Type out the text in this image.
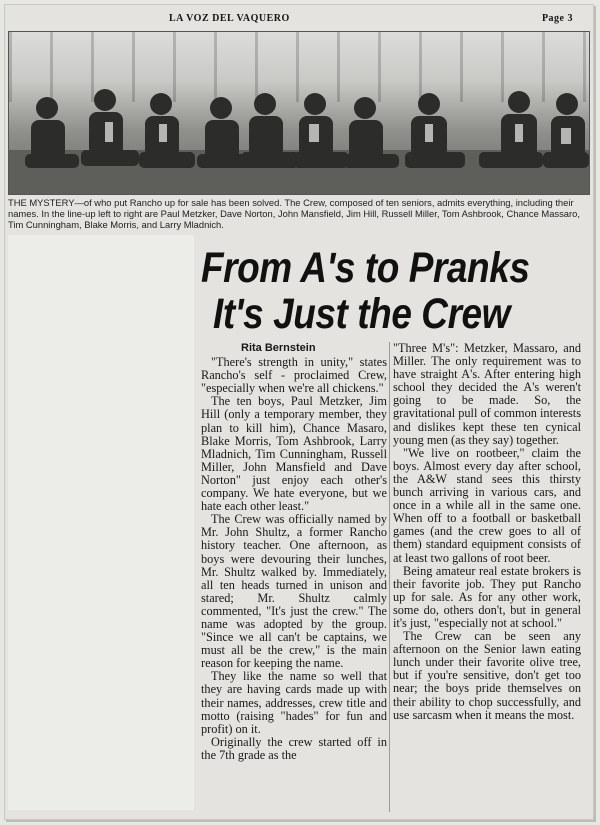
LA VOZ DEL VAQUERO	Page 3
THE MYSTERY—of who put Rancho up for sale has been solved. The Crew, composed of ten seniors, admits everything, including their names. In the line-up left to right are Paul Metzker, Dave Norton, John Mansfield, Jim Hill, Russell Miller, Tom Ashbrook, Chance Massaro, Tim Cunningham, Blake Morris, and Larry Mladnich.
From A's to Pranks
It's Just the Crew

Rita Bernstein

"There's strength in unity," states Rancho's self - proclaimed Crew, "especially when we're all chickens."

The ten boys, Paul Metzker, Jim Hill (only a temporary member, they plan to kill him), Chance Masaro, Blake Morris, Tom Ashbrook, Larry Mladnich, Tim Cunningham, Russell Miller, John Mansfield and Dave Norton" just enjoy each other's company. We hate everyone, but we hate each other least."

The Crew was officially named by Mr. John Shultz, a former Rancho history teacher. One afternoon, as boys were devouring their lunches, Mr. Shultz walked by. Immediately, all ten heads turned in unison and stared; Mr. Shultz calmly commented, "It's just the crew." The name was adopted by the group. "Since we all can't be captains, we must all be the crew," is the main reason for keeping the name.

They like the name so well that they are having cards made up with their names, addresses, crew title and motto (raising "hades" for fun and profit) on it.

Originally the crew started off in the 7th grade as the

"Three M's": Metzker, Massaro, and Miller. The only requirement was to have straight A's. After entering high school they decided the A's weren't going to be made. So, the gravitational pull of common interests and dislikes kept these ten cynical young men (as they say) together.

"We live on rootbeer," claim the boys. Almost every day after school, the A&W stand sees this thirsty bunch arriving in various cars, and once in a while all in the same one. When off to a football or basketball games (and the crew goes to all of them) standard equipment consists of at least two gallons of root beer.

Being amateur real estate brokers is their favorite job. They put Rancho up for sale. As for any other work, some do, others don't, but in general it's just, "especially not at school."

The Crew can be seen any afternoon on the Senior lawn eating lunch under their favorite olive tree, but if you're sensitive, don't get too near; the boys pride themselves on their ability to chop successfully, and use sarcasm when it means the most.
